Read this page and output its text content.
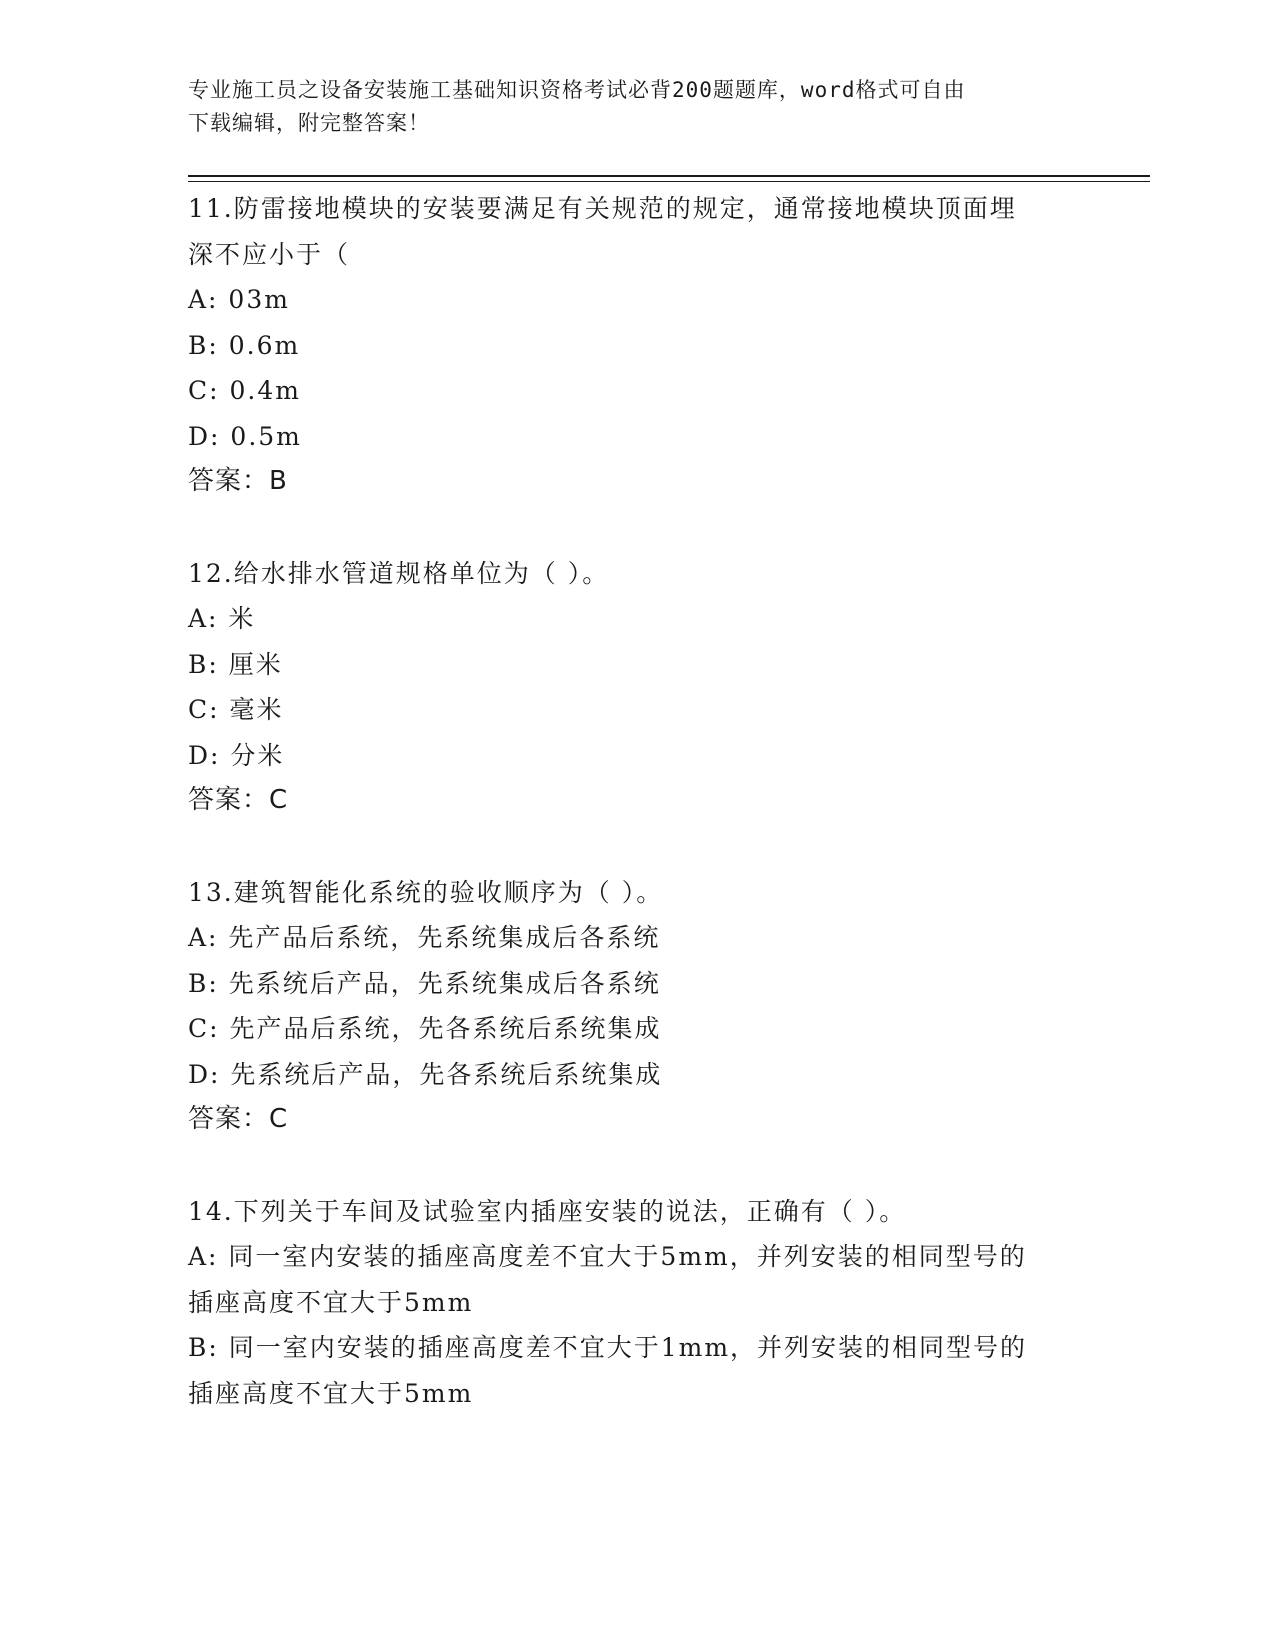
专业施工员之设备安装施工基础知识资格考试必背200题题库，word格式可自由
下载编辑，附完整答案！
11.防雷接地模块的安装要满足有关规范的规定，通常接地模块顶面埋
深不应小于（
A: 03m
B: 0.6m
C: 0.4m
D: 0.5m
答案：B
12.给水排水管道规格单位为（ ）。
A: 米
B: 厘米
C: 毫米
D: 分米
答案：C
13.建筑智能化系统的验收顺序为（ ）。
A: 先产品后系统，先系统集成后各系统
B: 先系统后产品，先系统集成后各系统
C: 先产品后系统，先各系统后系统集成
D: 先系统后产品，先各系统后系统集成
答案：C
14.下列关于车间及试验室内插座安装的说法，正确有（ ）。
A: 同一室内安装的插座高度差不宜大于5mm，并列安装的相同型号的
插座高度不宜大于5mm
B: 同一室内安装的插座高度差不宜大于1mm，并列安装的相同型号的
插座高度不宜大于5mm
